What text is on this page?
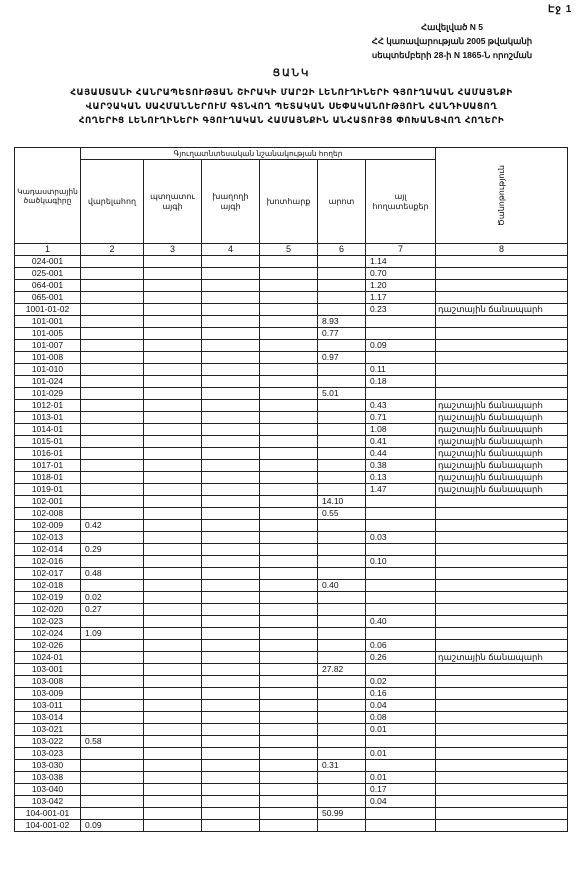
Էջ 1
Հավելված N 5
ՀՀ կառավարության 2005 թվականի
սեպտեմբերի 28-ի N 1865-Ն որոշման
ՑԱՆԿ
ՀԱՅԱՍՏԱՆԻ ՀԱՆՐԱՊԵՏՈՒԹՅԱՆ ՇԻՐԱԿԻ ՄԱՐԶԻ ԼԵՆՈՒՂԻՆԵՐԻ ԳՅՈՒՂԱԿԱՆ ՀԱՄԱՅՆՔԻ
ՎԱՐՉԱԿԱՆ ՍԱՀՄԱՆՆԵՐՈՒՄ ԳՏՆՎՈՂ ՊԵՏԱԿԱՆ ՍԵՓԱԿԱՆՈՒԹՅՈՒՆ ՀԱՆԴԻՍԱՑՈՂ
ՀՈՂԵՐԻՑ ԼԵՆՈՒՂԻՆԵՐԻ ԳՅՈՒՂԱԿԱՆ ՀԱՄԱՅՆՔԻՆ ԱՆՀԱՏՈՒՅՑ ՓՈԽԱՆՑՎՈՂ ՀՈՂԵՐԻ
Կադաստրային ծածկագիրը	Գյուղատնտեսական նշանակության հողեր						Ծանոթություն
	վարելահող	պտղատու այգի	խաղողի այգի	խոտհարք	արոտ	այլ հողատեսքեր	
1	2	3	4	5	6	7	8
024-001						1.14	
025-001						0.70	
064-001						1.20	
065-001						1.17	
1001-01-02						0.23	դաշտային ճանապարհ
101-001					8.93		
101-005					0.77		
101-007						0.09	
101-008					0.97		
101-010						0.11	
101-024						0.18	
101-029					5.01		
1012-01						0.43	դաշտային ճանապարհ
1013-01						0.71	դաշտային ճանապարհ
1014-01						1.08	դաշտային ճանապարհ
1015-01						0.41	դաշտային ճանապարհ
1016-01						0.44	դաշտային ճանապարհ
1017-01						0.38	դաշտային ճանապարհ
1018-01						0.13	դաշտային ճանապարհ
1019-01						1.47	դաշտային ճանապարհ
102-001					14.10		
102-008					0.55		
102-009	0.42						
102-013						0.03	
102-014	0.29						
102-016						0.10	
102-017	0.48						
102-018					0.40		
102-019	0.02						
102-020	0.27						
102-023						0.40	
102-024	1.09						
102-026						0.06	
1024-01						0.26	դաշտային ճանապարհ
103-001					27.82		
103-008						0.02	
103-009						0.16	
103-011						0.04	
103-014						0.08	
103-021						0.01	
103-022	0.58						
103-023						0.01	
103-030					0.31		
103-038						0.01	
103-040						0.17	
103-042						0.04	
104-001-01					50.99		
104-001-02	0.09						
